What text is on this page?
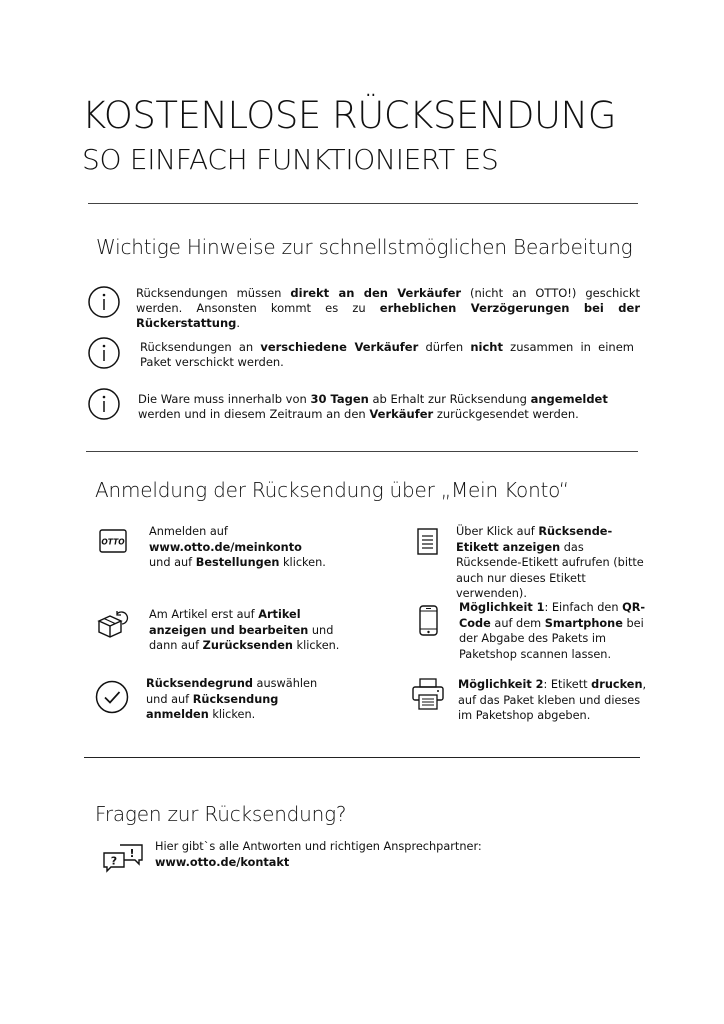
KOSTENLOSE RÜCKSENDUNG
SO EINFACH FUNKTIONIERT ES
Wichtige Hinweise zur schnellstmöglichen Bearbeitung
Rücksendungen müssen direkt an den Verkäufer (nicht an OTTO!) geschickt werden. Ansonsten kommt es zu erheblichen Verzögerungen bei der Rückerstattung.
Rücksendungen an verschiedene Verkäufer dürfen nicht zusammen in einem Paket verschickt werden.
Die Ware muss innerhalb von 30 Tagen ab Erhalt zur Rücksendung angemeldet werden und in diesem Zeitraum an den Verkäufer zurückgesendet werden.
Anmeldung der Rücksendung über „Mein Konto“
OTTO
Anmelden auf
www.otto.de/meinkonto
und auf Bestellungen klicken.
Am Artikel erst auf Artikel anzeigen und bearbeiten und dann auf Zurücksenden klicken.
Rücksendegrund auswählen und auf Rücksendung anmelden klicken.
Über Klick auf Rücksende-Etikett anzeigen das Rücksende-Etikett aufrufen (bitte auch nur dieses Etikett verwenden).
Möglichkeit 1: Einfach den QR-Code auf dem Smartphone bei der Abgabe des Pakets im Paketshop scannen lassen.
Möglichkeit 2: Etikett drucken, auf das Paket kleben und dieses im Paketshop abgeben.
Fragen zur Rücksendung?
?
!
Hier gibt`s alle Antworten und richtigen Ansprechpartner:
www.otto.de/kontakt
